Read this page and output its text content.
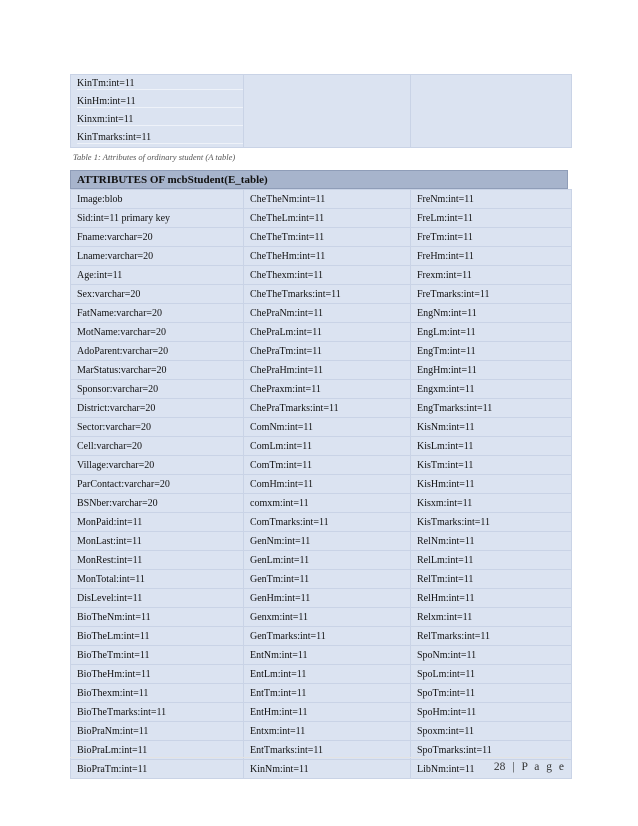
KinTm:int=11		

KinHm:int=11		

Kinxm:int=11		

KinTmarks:int=11		

Table 1: Attributes of ordinary student (A table)
ATTRIBUTES OF mcbStudent(E_table)
Image:blob	CheTheNm:int=11	FreNm:int=11
Sid:int=11 primary key	CheTheLm:int=11	FreLm:int=11
Fname:varchar=20	CheTheTm:int=11	FreTm:int=11
Lname:varchar=20	CheTheHm:int=11	FreHm:int=11
Age:int=11	CheThexm:int=11	Frexm:int=11
Sex:varchar=20	CheTheTmarks:int=11	FreTmarks:int=11
FatName:varchar=20	ChePraNm:int=11	EngNm:int=11
MotName:varchar=20	ChePraLm:int=11	EngLm:int=11
AdoParent:varchar=20	ChePraTm:int=11	EngTm:int=11
MarStatus:varchar=20	ChePraHm:int=11	EngHm:int=11
Sponsor:varchar=20	ChePraxm:int=11	Engxm:int=11
District:varchar=20	ChePraTmarks:int=11	EngTmarks:int=11
Sector:varchar=20	ComNm:int=11	KisNm:int=11
Cell:varchar=20	ComLm:int=11	KisLm:int=11
Village:varchar=20	ComTm:int=11	KisTm:int=11
ParContact:varchar=20	ComHm:int=11	KisHm:int=11
BSNber:varchar=20	comxm:int=11	Kisxm:int=11
MonPaid:int=11	ComTmarks:int=11	KisTmarks:int=11
MonLast:int=11	GenNm:int=11	RelNm:int=11
MonRest:int=11	GenLm:int=11	RelLm:int=11
MonTotal:int=11	GenTm:int=11	RelTm:int=11
DisLevel:int=11	GenHm:int=11	RelHm:int=11
BioTheNm:int=11	Genxm:int=11	Relxm:int=11
BioTheLm:int=11	GenTmarks:int=11	RelTmarks:int=11
BioTheTm:int=11	EntNm:int=11	SpoNm:int=11
BioTheHm:int=11	EntLm:int=11	SpoLm:int=11
BioThexm:int=11	EntTm:int=11	SpoTm:int=11
BioTheTmarks:int=11	EntHm:int=11	SpoHm:int=11
BioPraNm:int=11	Entxm:int=11	Spoxm:int=11
BioPraLm:int=11	EntTmarks:int=11	SpoTmarks:int=11
BioPraTm:int=11	KinNm:int=11	LibNm:int=11 28 | P a g e
